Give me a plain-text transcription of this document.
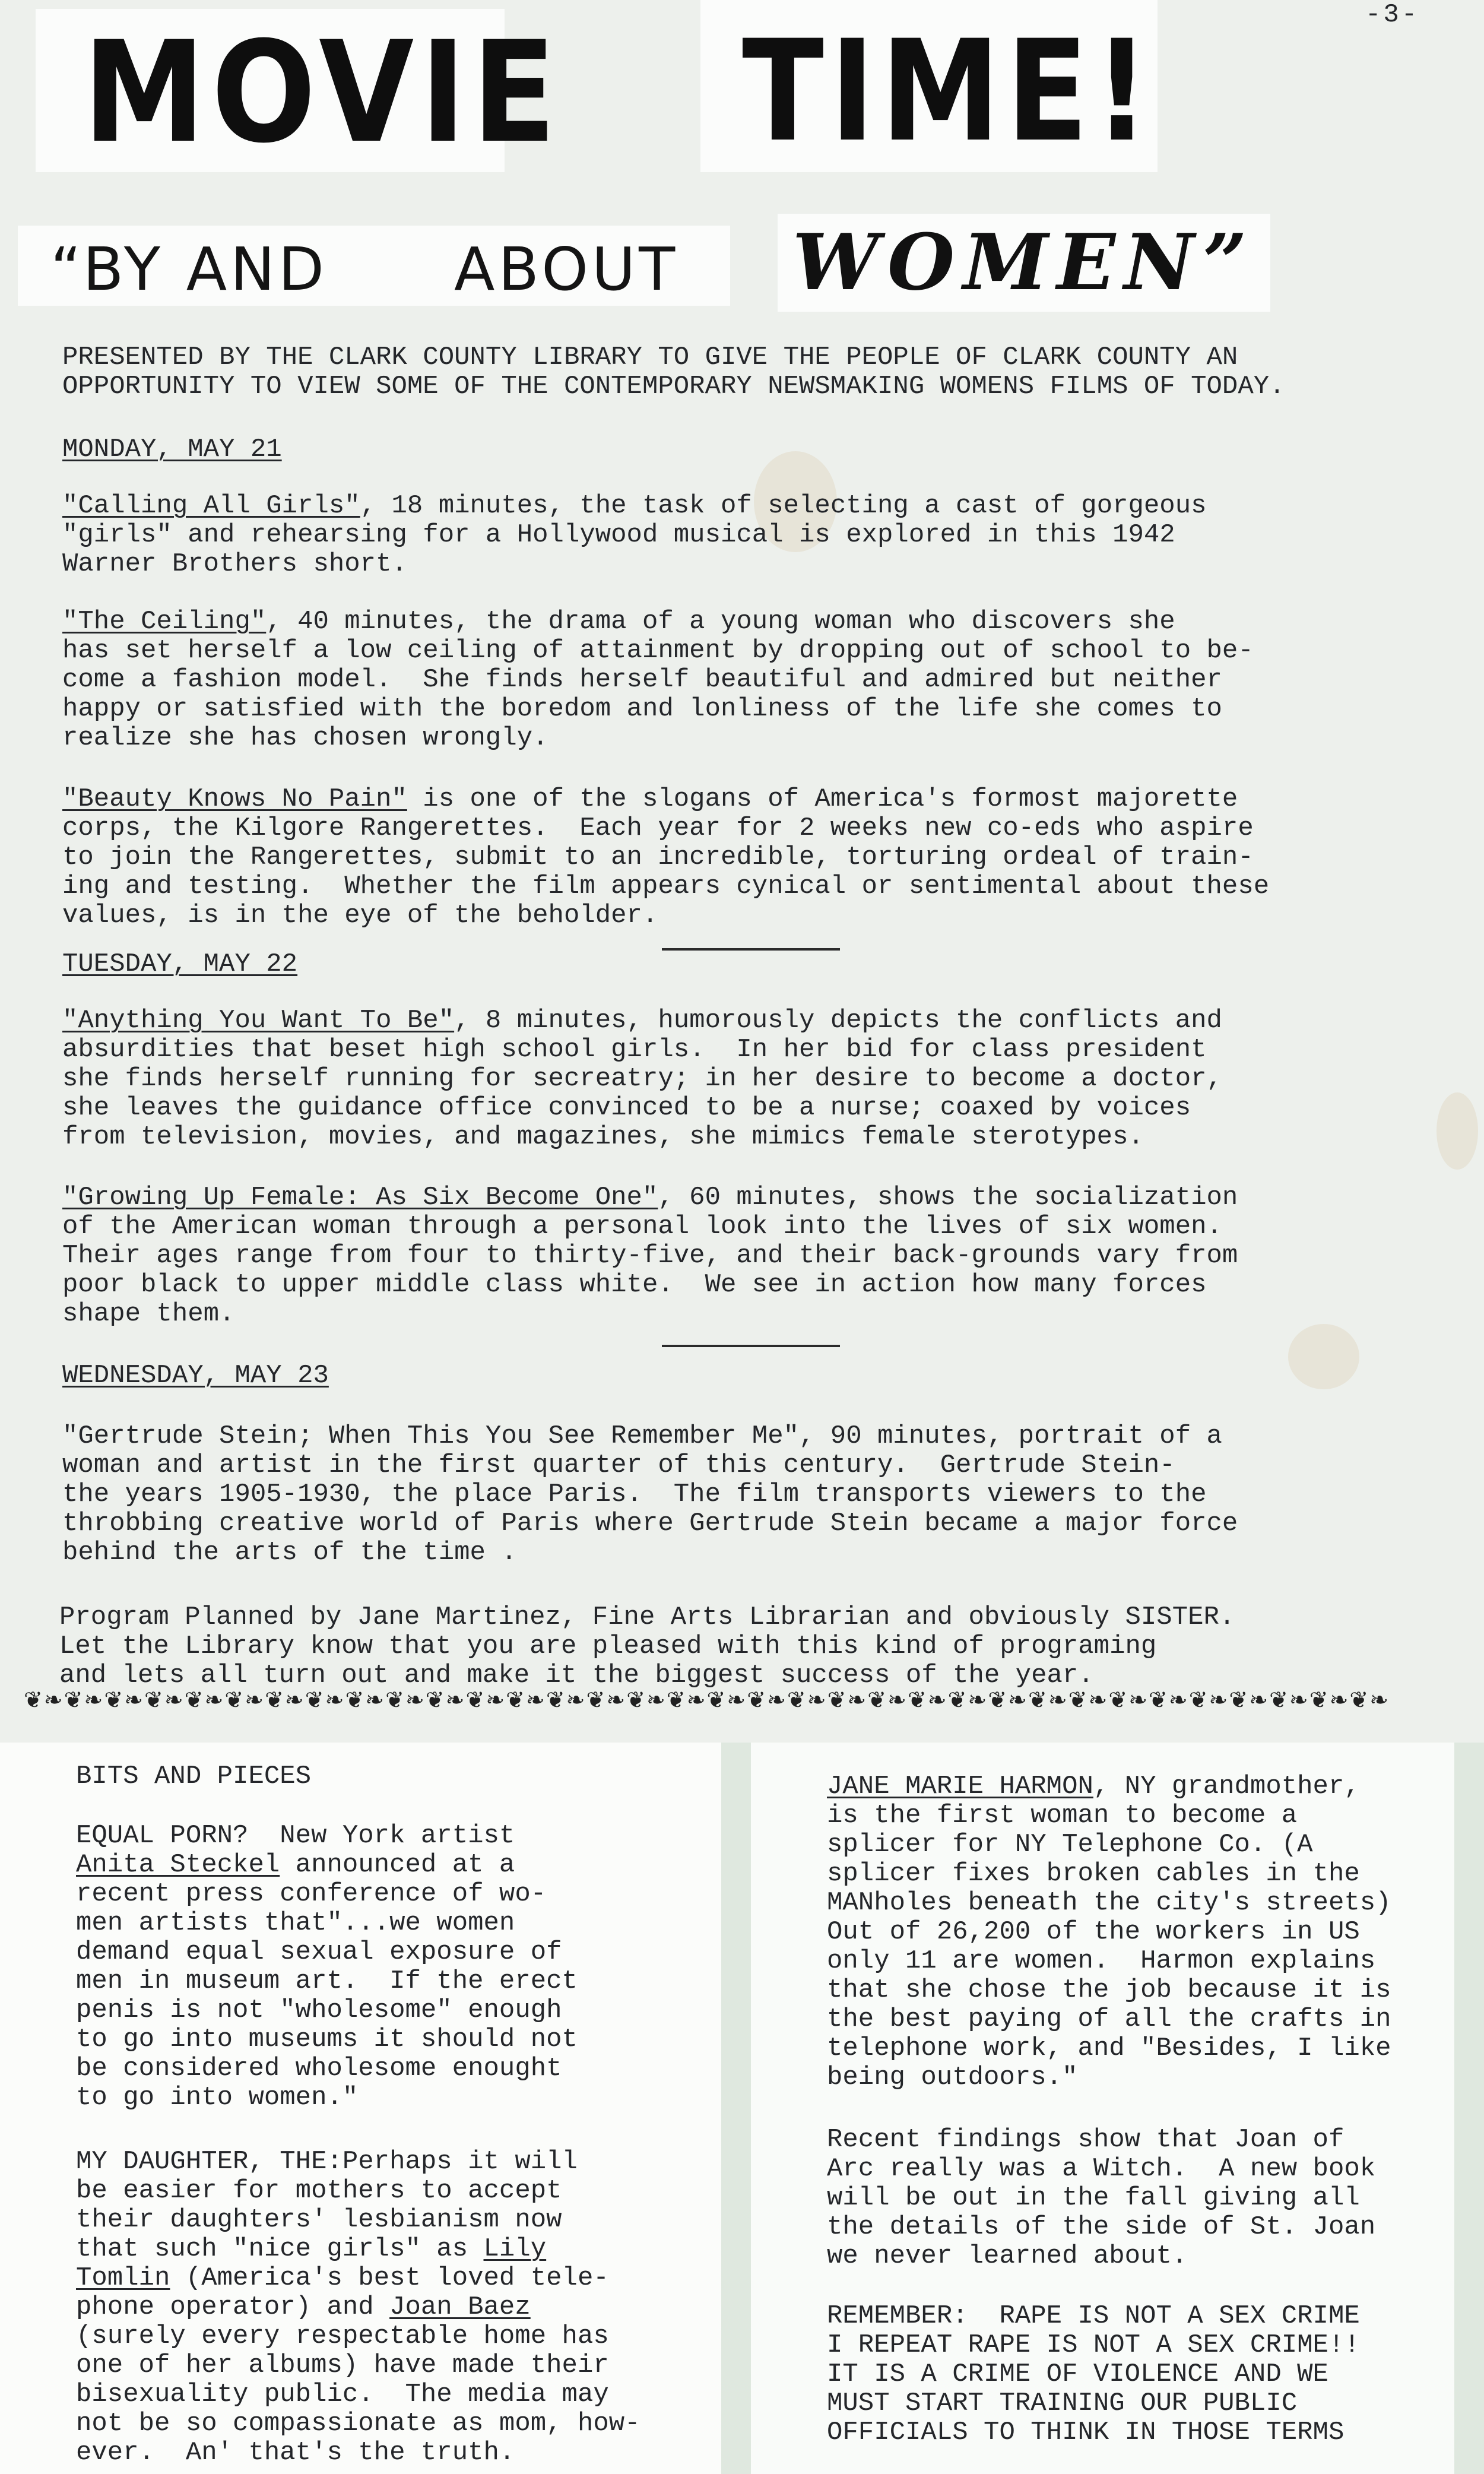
-3-
MOVIE TIME!
“BY AND ABOUT WOMEN”
PRESENTED BY THE CLARK COUNTY LIBRARY TO GIVE THE PEOPLE OF CLARK COUNTY AN
OPPORTUNITY TO VIEW SOME OF THE CONTEMPORARY NEWSMAKING WOMENS FILMS OF TODAY.
MONDAY, MAY 21
"Calling All Girls", 18 minutes, the task of selecting a cast of gorgeous
"girls" and rehearsing for a Hollywood musical is explored in this 1942
Warner Brothers short.
"The Ceiling", 40 minutes, the drama of a young woman who discovers she
has set herself a low ceiling of attainment by dropping out of school to be-
come a fashion model.  She finds herself beautiful and admired but neither
happy or satisfied with the boredom and lonliness of the life she comes to
realize she has chosen wrongly.
"Beauty Knows No Pain" is one of the slogans of America's formost majorette
corps, the Kilgore Rangerettes.  Each year for 2 weeks new co-eds who aspire
to join the Rangerettes, submit to an incredible, torturing ordeal of train-
ing and testing.  Whether the film appears cynical or sentimental about these
values, is in the eye of the beholder.
TUESDAY, MAY 22
"Anything You Want To Be", 8 minutes, humorously depicts the conflicts and
absurdities that beset high school girls.  In her bid for class president
she finds herself running for secreatry; in her desire to become a doctor,
she leaves the guidance office convinced to be a nurse; coaxed by voices
from television, movies, and magazines, she mimics female sterotypes.
"Growing Up Female: As Six Become One", 60 minutes, shows the socialization
of the American woman through a personal look into the lives of six women.
Their ages range from four to thirty-five, and their back-grounds vary from
poor black to upper middle class white.  We see in action how many forces
shape them.
WEDNESDAY, MAY 23
"Gertrude Stein; When This You See Remember Me", 90 minutes, portrait of a
woman and artist in the first quarter of this century.  Gertrude Stein-
the years 1905-1930, the place Paris.  The film transports viewers to the
throbbing creative world of Paris where Gertrude Stein became a major force
behind the arts of the time .
Program Planned by Jane Martinez, Fine Arts Librarian and obviously SISTER.
Let the Library know that you are pleased with this kind of programing
and lets all turn out and make it the biggest success of the year.
❦❧❦❧❦❧❦❧❦❧❦❧❦❧❦❧❦❧❦❧❦❧❦❧❦❧❦❧❦❧❦❧❦❧❦❧❦❧❦❧❦❧❦❧❦❧❦❧❦❧❦❧❦❧❦❧❦❧❦❧❦❧❦❧❦❧❦❧
BITS AND PIECES
EQUAL PORN?  New York artist
Anita Steckel announced at a
recent press conference of wo-
men artists that"...we women
demand equal sexual exposure of
men in museum art.  If the erect
penis is not "wholesome" enough
to go into museums it should not
be considered wholesome enought
to go into women."
MY DAUGHTER, THE:Perhaps it will
be easier for mothers to accept
their daughters' lesbianism now
that such "nice girls" as Lily
Tomlin (America's best loved tele-
phone operator) and Joan Baez
(surely every respectable home has
one of her albums) have made their
bisexuality public.  The media may
not be so compassionate as mom, how-
ever.  An' that's the truth.
JANE MARIE HARMON, NY grandmother,
is the first woman to become a
splicer for NY Telephone Co. (A
splicer fixes broken cables in the
MANholes beneath the city's streets)
Out of 26,200 of the workers in US
only 11 are women.  Harmon explains
that she chose the job because it is
the best paying of all the crafts in
telephone work, and "Besides, I like
being outdoors."
Recent findings show that Joan of
Arc really was a Witch.  A new book
will be out in the fall giving all
the details of the side of St. Joan
we never learned about.
REMEMBER:  RAPE IS NOT A SEX CRIME
I REPEAT RAPE IS NOT A SEX CRIME!!
IT IS A CRIME OF VIOLENCE AND WE
MUST START TRAINING OUR PUBLIC
OFFICIALS TO THINK IN THOSE TERMS
